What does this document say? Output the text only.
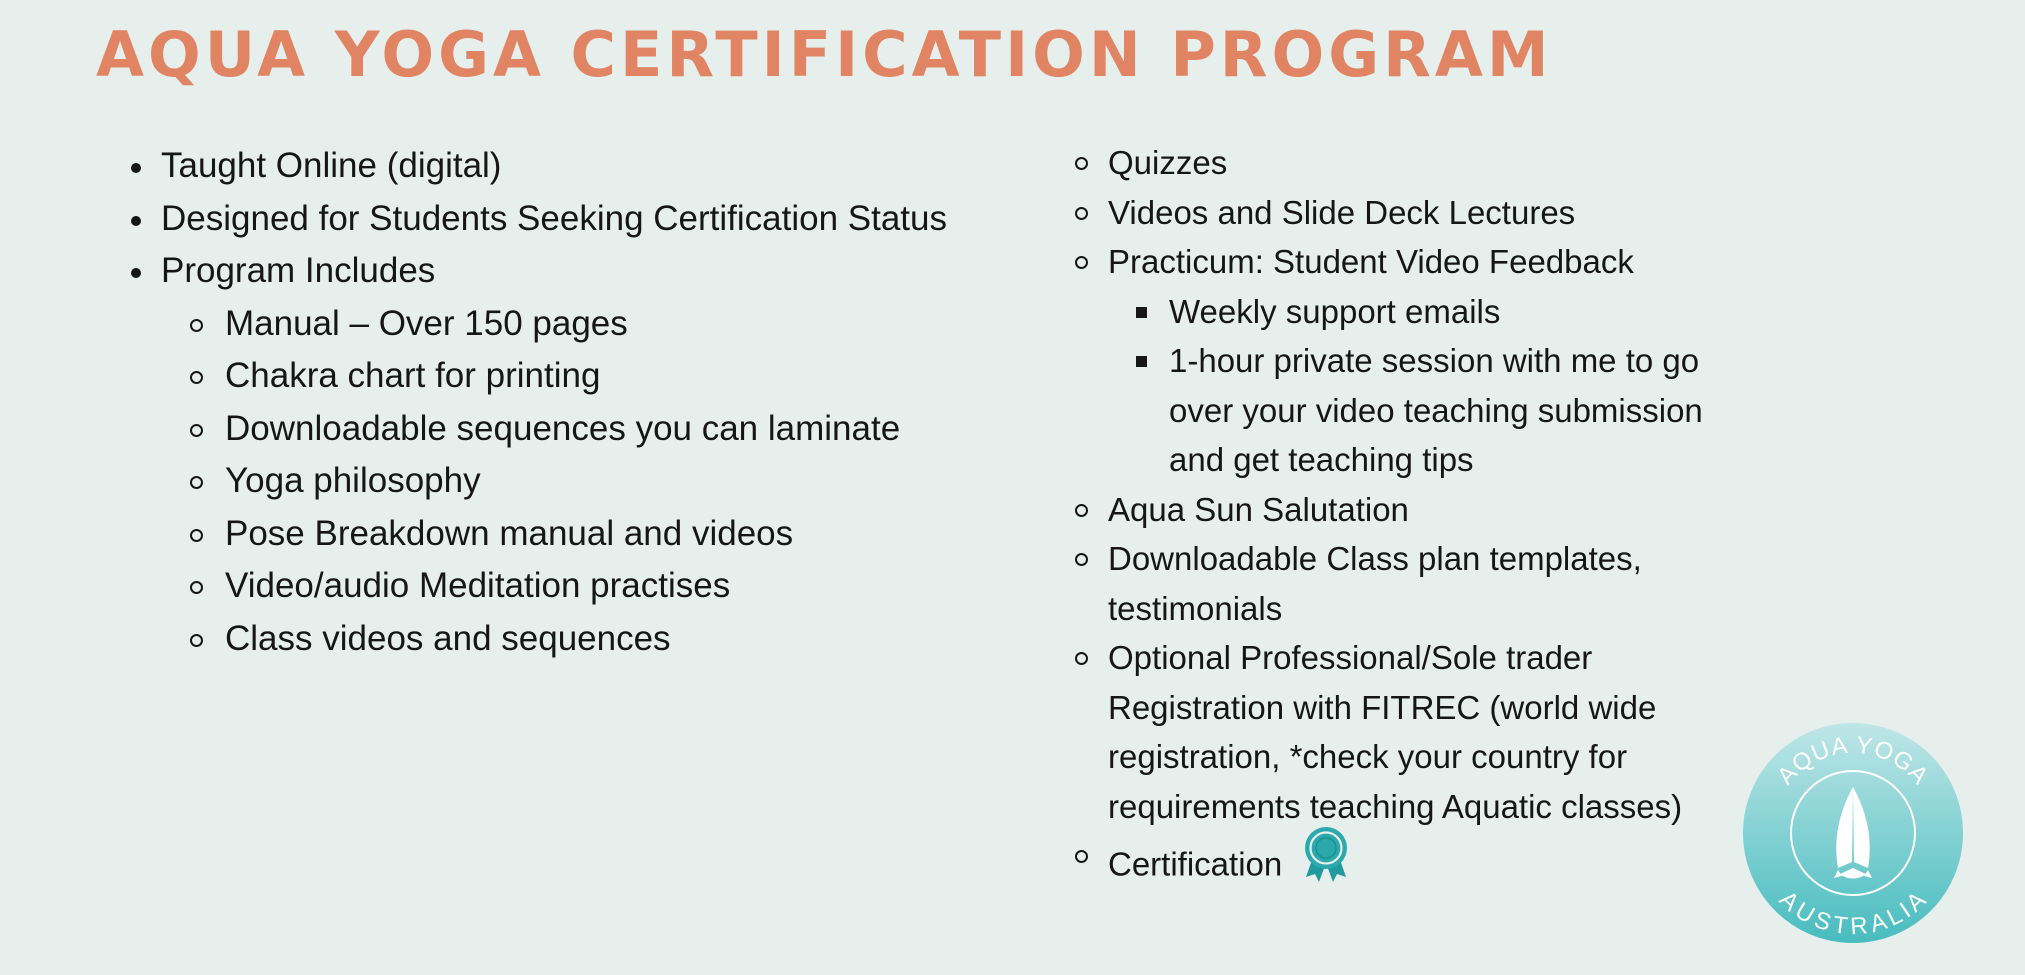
AQUA YOGA CERTIFICATION PROGRAM
Taught Online (digital)
Designed for Students Seeking Certification Status
Program Includes
Manual – Over 150 pages
Chakra chart for printing
Downloadable sequences you can laminate
Yoga philosophy
Pose Breakdown manual and videos
Video/audio Meditation practises
Class videos and sequences
Quizzes
Videos and Slide Deck Lectures
Practicum: Student Video Feedback
Weekly support emails
1-hour private session with me to go over your video teaching submission and get teaching tips
Aqua Sun Salutation
Downloadable Class plan templates, testimonials
Optional Professional/Sole trader Registration with FITREC (world wide registration, *check your country for requirements teaching Aquatic classes)
Certification
AQUA YOGA
AUSTRALIA
